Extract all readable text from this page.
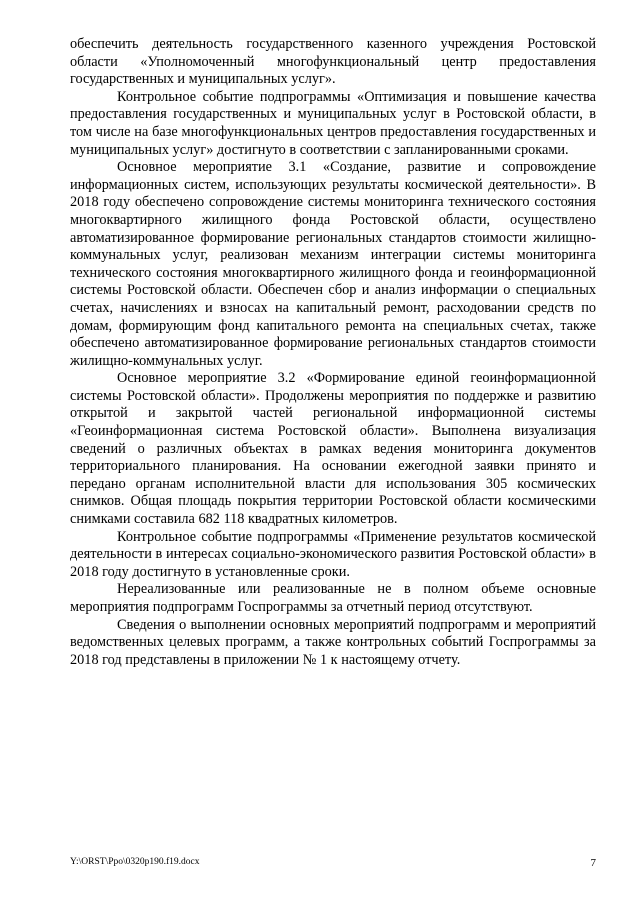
обеспечить деятельность государственного казенного учреждения Ростовской области «Уполномоченный многофункциональный центр предоставления государственных и муниципальных услуг».

Контрольное событие подпрограммы «Оптимизация и повышение качества предоставления государственных и муниципальных услуг в Ростовской области, в том числе на базе многофункциональных центров предоставления государственных и муниципальных услуг» достигнуто в соответствии с запланированными сроками.

Основное мероприятие 3.1 «Создание, развитие и сопровождение информационных систем, использующих результаты космической деятельности». В 2018 году обеспечено сопровождение системы мониторинга технического состояния многоквартирного жилищного фонда Ростовской области, осуществлено автоматизированное формирование региональных стандартов стоимости жилищно-коммунальных услуг, реализован механизм интеграции системы мониторинга технического состояния многоквартирного жилищного фонда и геоинформационной системы Ростовской области. Обеспечен сбор и анализ информации о специальных счетах, начислениях и взносах на капитальный ремонт, расходовании средств по домам, формирующим фонд капитального ремонта на специальных счетах, также обеспечено автоматизированное формирование региональных стандартов стоимости жилищно-коммунальных услуг.

Основное мероприятие 3.2 «Формирование единой геоинформационной системы Ростовской области». Продолжены мероприятия по поддержке и развитию открытой и закрытой частей региональной информационной системы «Геоинформационная система Ростовской области». Выполнена визуализация сведений о различных объектах в рамках ведения мониторинга документов территориального планирования. На основании ежегодной заявки принято и передано органам исполнительной власти для использования 305 космических снимков. Общая площадь покрытия территории Ростовской области космическими снимками составила 682 118 квадратных километров.

Контрольное событие подпрограммы «Применение результатов космической деятельности в интересах социально-экономического развития Ростовской области» в 2018 году достигнуто в установленные сроки.

Нереализованные или реализованные не в полном объеме основные мероприятия подпрограмм Госпрограммы за отчетный период отсутствуют.

Сведения о выполнении основных мероприятий подпрограмм и мероприятий ведомственных целевых программ, а также контрольных событий Госпрограммы за 2018 год представлены в приложении № 1 к настоящему отчету.

Y:\ORST\Ppo\0320p190.f19.docx	7
